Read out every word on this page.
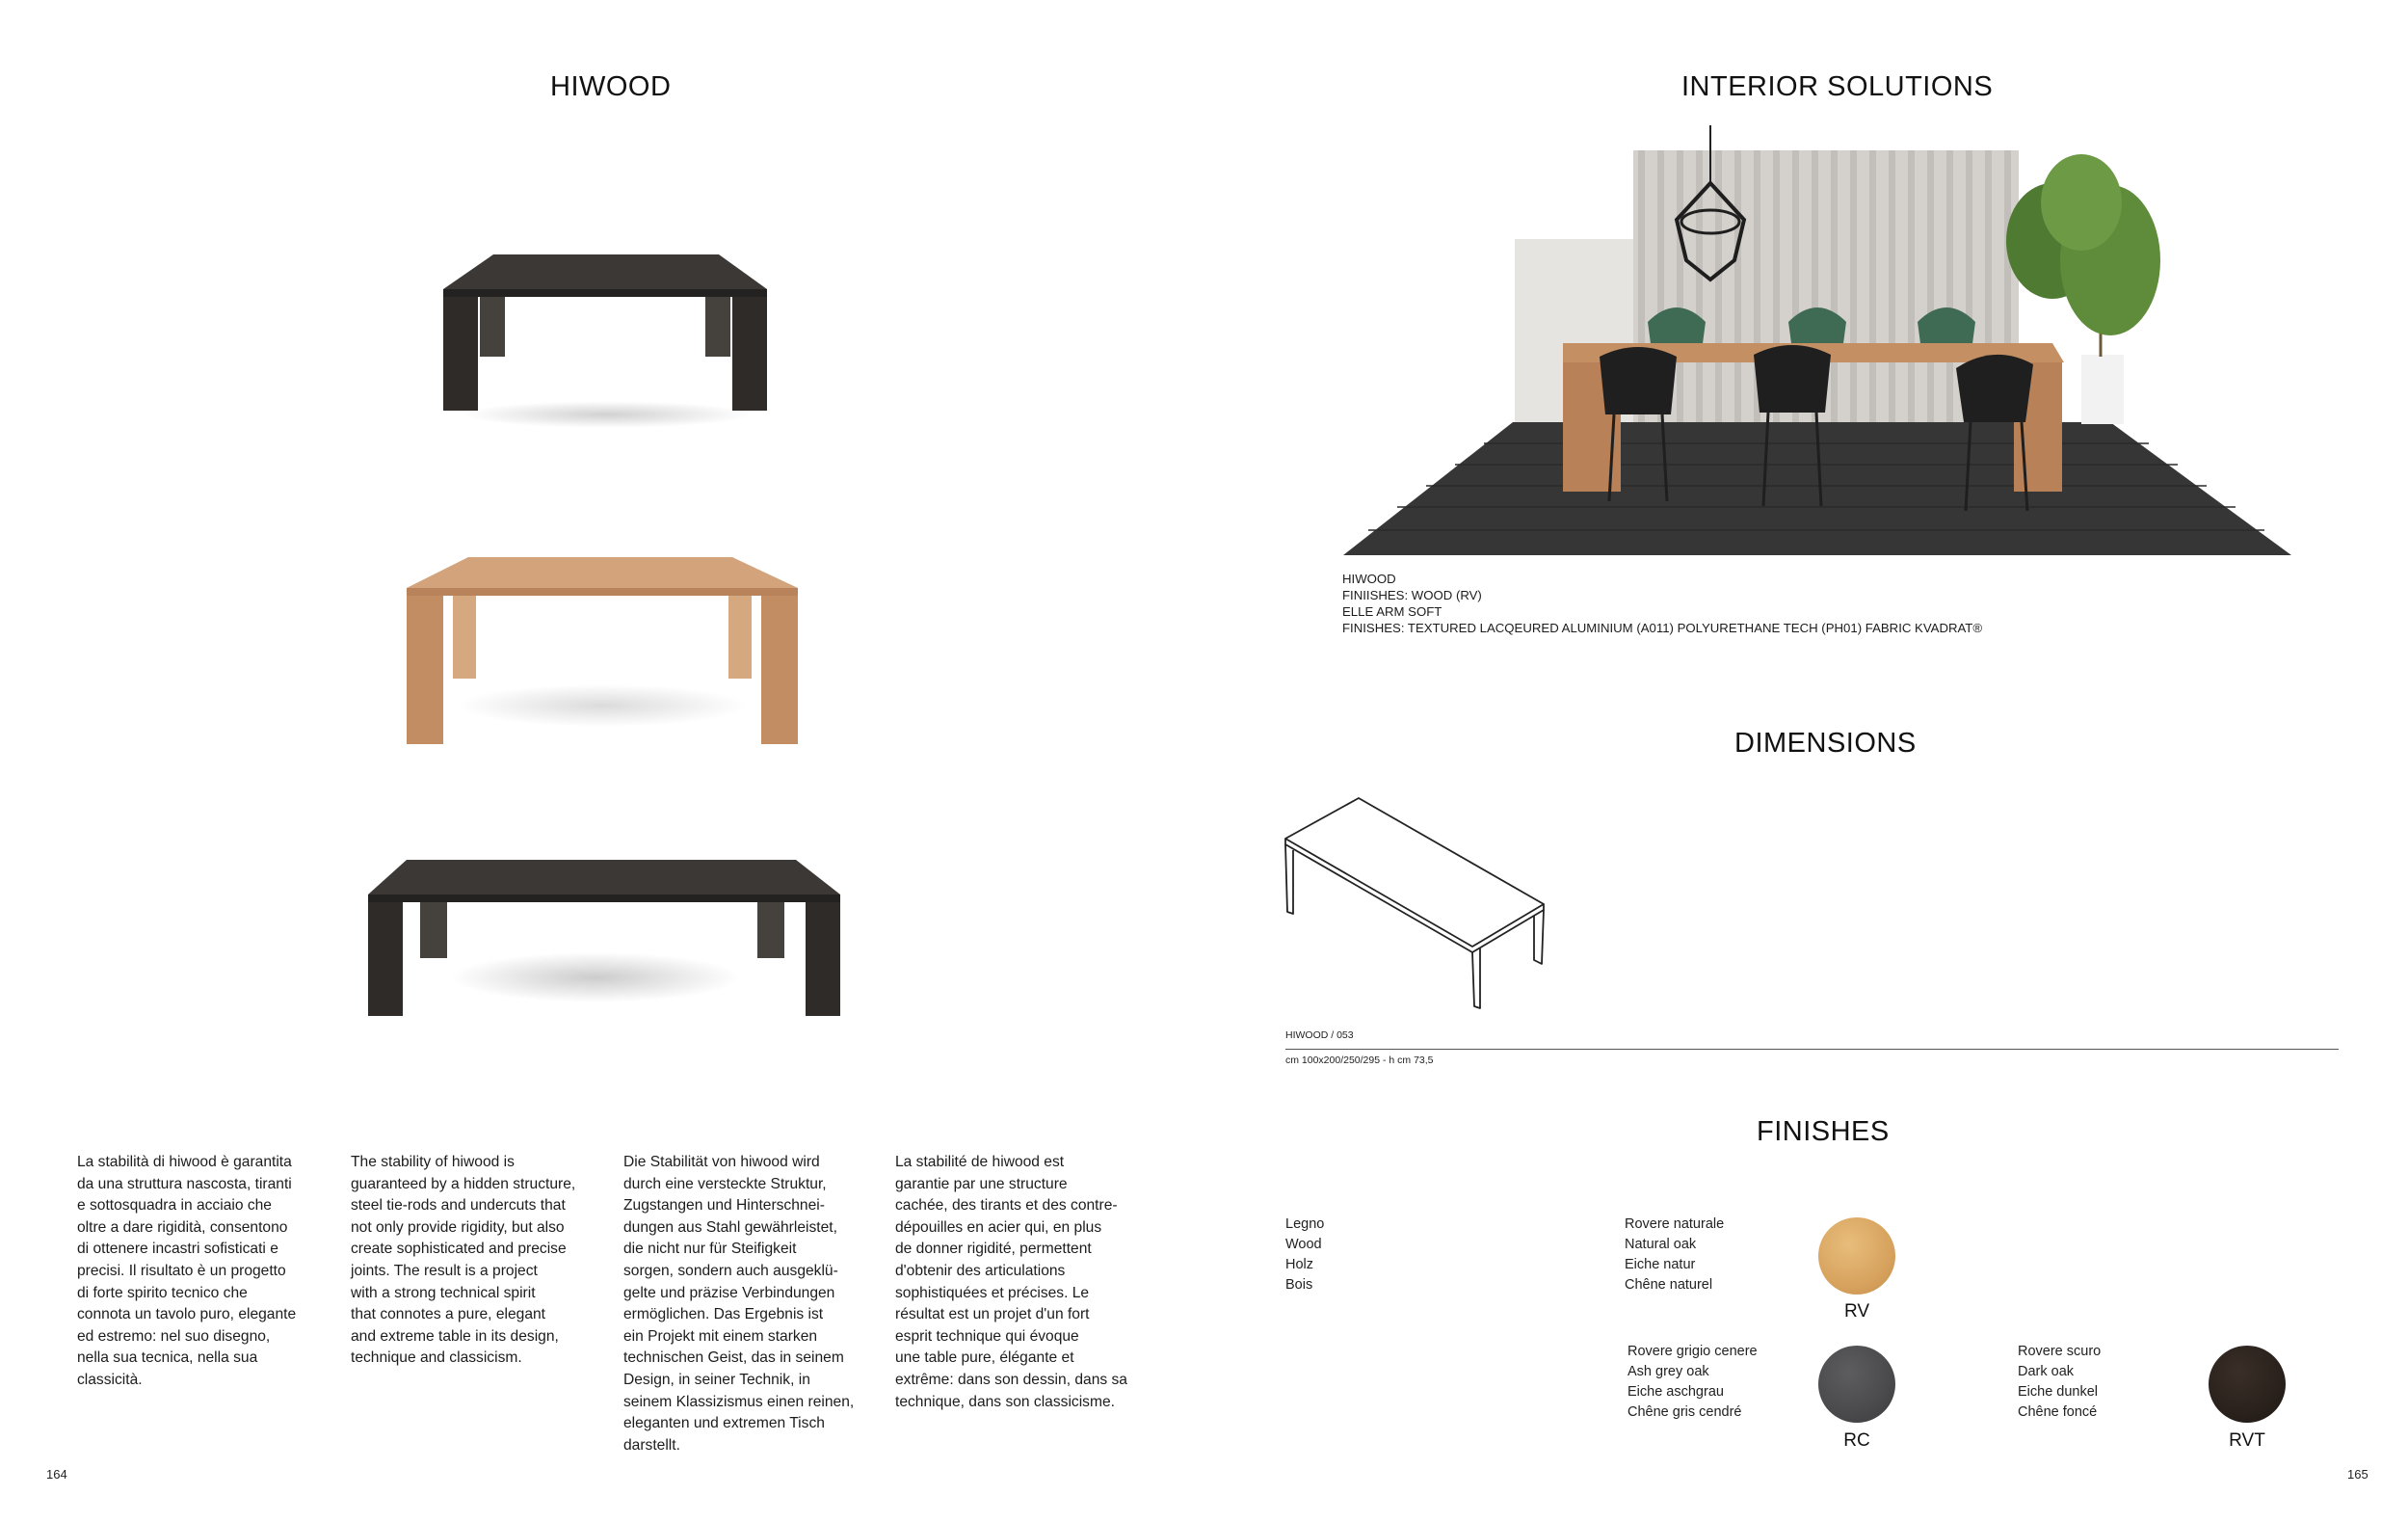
HIWOOD
La stabilità di hiwood è garantita
da una struttura nascosta, tiranti
e sottosquadra in acciaio che
oltre a dare rigidità, consentono
di ottenere incastri sofisticati e
precisi. Il risultato è un progetto
di forte spirito tecnico che
connota un tavolo puro, elegante
ed estremo: nel suo disegno,
nella sua tecnica, nella sua
classicità.
The stability of hiwood is
guaranteed by a hidden structure,
steel tie-rods and undercuts that
not only provide rigidity, but also
create sophisticated and precise
joints. The result is a project
with a strong technical spirit
that connotes a pure, elegant
and extreme table in its design,
technique and classicism.
Die Stabilität von hiwood wird
durch eine versteckte Struktur,
Zugstangen und Hinterschnei-
dungen aus Stahl gewährleistet,
die nicht nur für Steifigkeit
sorgen, sondern auch ausgeklü-
gelte und präzise Verbindungen
ermöglichen. Das Ergebnis ist
ein Projekt mit einem starken
technischen Geist, das in seinem
Design, in seiner Technik, in
seinem Klassizismus einen reinen,
eleganten und extremen Tisch
darstellt.
La stabilité de hiwood est
garantie par une structure
cachée, des tirants et des contre-
dépouilles en acier qui, en plus
de donner rigidité, permettent
d'obtenir des articulations
sophistiquées et précises. Le
résultat est un projet d'un fort
esprit technique qui évoque
une table pure, élégante et
extrême: dans son dessin, dans sa
technique, dans son classicisme.
164
INTERIOR SOLUTIONS
HIWOOD
FINIISHES: WOOD (RV)
ELLE ARM SOFT
FINISHES: TEXTURED LACQEURED ALUMINIUM (A011) POLYURETHANE TECH (PH01) FABRIC KVADRAT®
DIMENSIONS
HIWOOD / 053
cm 100x200/250/295 - h cm 73,5
FINISHES
Legno
Wood
Holz
Bois
Rovere naturale
Natural oak
Eiche natur
Chêne naturel
RV
Rovere grigio cenere
Ash grey oak
Eiche aschgrau
Chêne gris cendré
RC
Rovere scuro
Dark oak
Eiche dunkel
Chêne foncé
RVT
165
